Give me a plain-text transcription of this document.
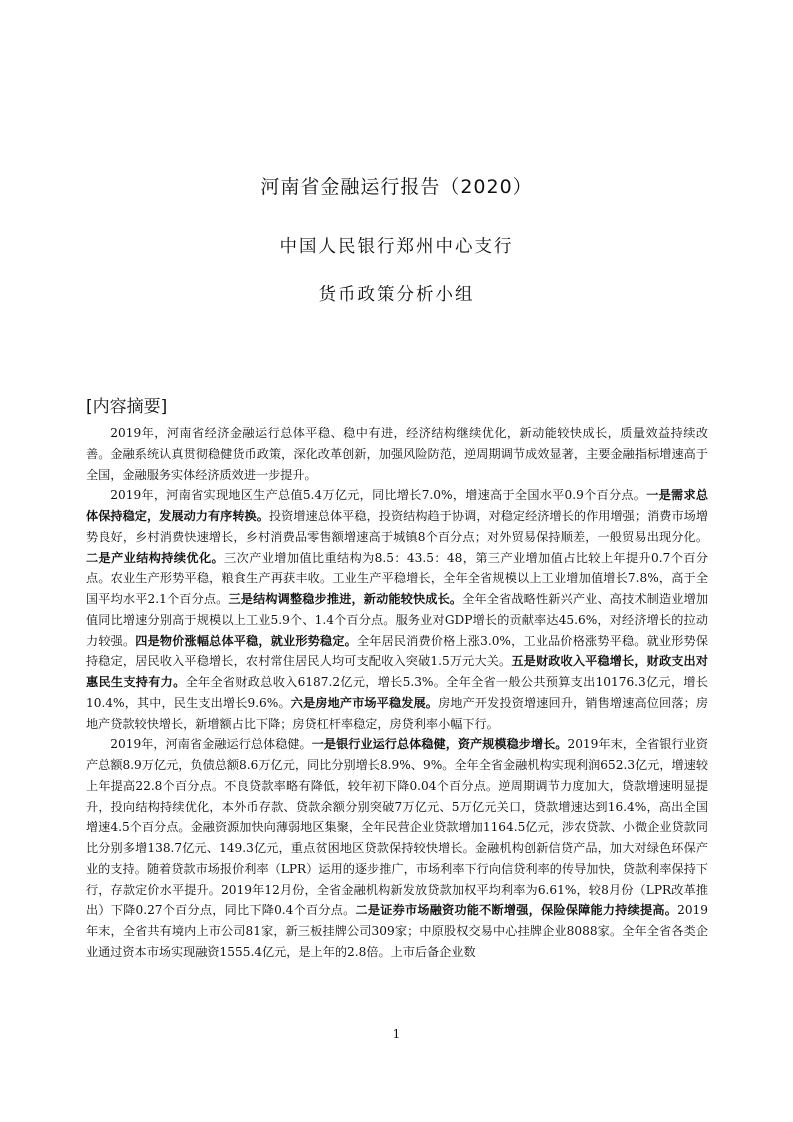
河南省金融运行报告（2020）
中国人民银行郑州中心支行
货币政策分析小组
[内容摘要]

2019年，河南省经济金融运行总体平稳、稳中有进，经济结构继续优化，新动能较快成长，质量效益持续改善。金融系统认真贯彻稳健货币政策，深化改革创新，加强风险防范，逆周期调节成效显著，主要金融指标增速高于全国，金融服务实体经济质效进一步提升。

2019年，河南省实现地区生产总值5.4万亿元，同比增长7.0%，增速高于全国水平0.9个百分点。一是需求总体保持稳定，发展动力有序转换。投资增速总体平稳，投资结构趋于协调，对稳定经济增长的作用增强；消费市场增势良好，乡村消费快速增长，乡村消费品零售额增速高于城镇8个百分点；对外贸易保持顺差，一般贸易出现分化。二是产业结构持续优化。三次产业增加值比重结构为8.5：43.5：48，第三产业增加值占比较上年提升0.7个百分点。农业生产形势平稳，粮食生产再获丰收。工业生产平稳增长，全年全省规模以上工业增加值增长7.8%，高于全国平均水平2.1个百分点。三是结构调整稳步推进，新动能较快成长。全年全省战略性新兴产业、高技术制造业增加值同比增速分别高于规模以上工业5.9个、1.4个百分点。服务业对GDP增长的贡献率达45.6%，对经济增长的拉动力较强。四是物价涨幅总体平稳，就业形势稳定。全年居民消费价格上涨3.0%，工业品价格涨势平稳。就业形势保持稳定，居民收入平稳增长，农村常住居民人均可支配收入突破1.5万元大关。五是财政收入平稳增长，财政支出对惠民生支持有力。全年全省财政总收入6187.2亿元，增长5.3%。全年全省一般公共预算支出10176.3亿元，增长10.4%，其中，民生支出增长9.6%。六是房地产市场平稳发展。房地产开发投资增速回升，销售增速高位回落；房地产贷款较快增长，新增额占比下降；房贷杠杆率稳定，房贷利率小幅下行。

2019年，河南省金融运行总体稳健。一是银行业运行总体稳健，资产规模稳步增长。2019年末，全省银行业资产总额8.9万亿元，负债总额8.6万亿元，同比分别增长8.9%、9%。全年全省金融机构实现利润652.3亿元，增速较上年提高22.8个百分点。不良贷款率略有降低，较年初下降0.04个百分点。逆周期调节力度加大，贷款增速明显提升，投向结构持续优化，本外币存款、贷款余额分别突破7万亿元、5万亿元关口，贷款增速达到16.4%，高出全国增速4.5个百分点。金融资源加快向薄弱地区集聚，全年民营企业贷款增加1164.5亿元，涉农贷款、小微企业贷款同比分别多增138.7亿元、149.3亿元，重点贫困地区贷款保持较快增长。金融机构创新信贷产品，加大对绿色环保产业的支持。随着贷款市场报价利率（LPR）运用的逐步推广，市场利率下行向信贷利率的传导加快，贷款利率保持下行，存款定价水平提升。2019年12月份，全省金融机构新发放贷款加权平均利率为6.61%，较8月份（LPR改革推出）下降0.27个百分点，同比下降0.4个百分点。二是证券市场融资功能不断增强，保险保障能力持续提高。2019年末，全省共有境内上市公司81家，新三板挂牌公司309家；中原股权交易中心挂牌企业8088家。全年全省各类企业通过资本市场实现融资1555.4亿元，是上年的2.8倍。上市后备企业数

1
